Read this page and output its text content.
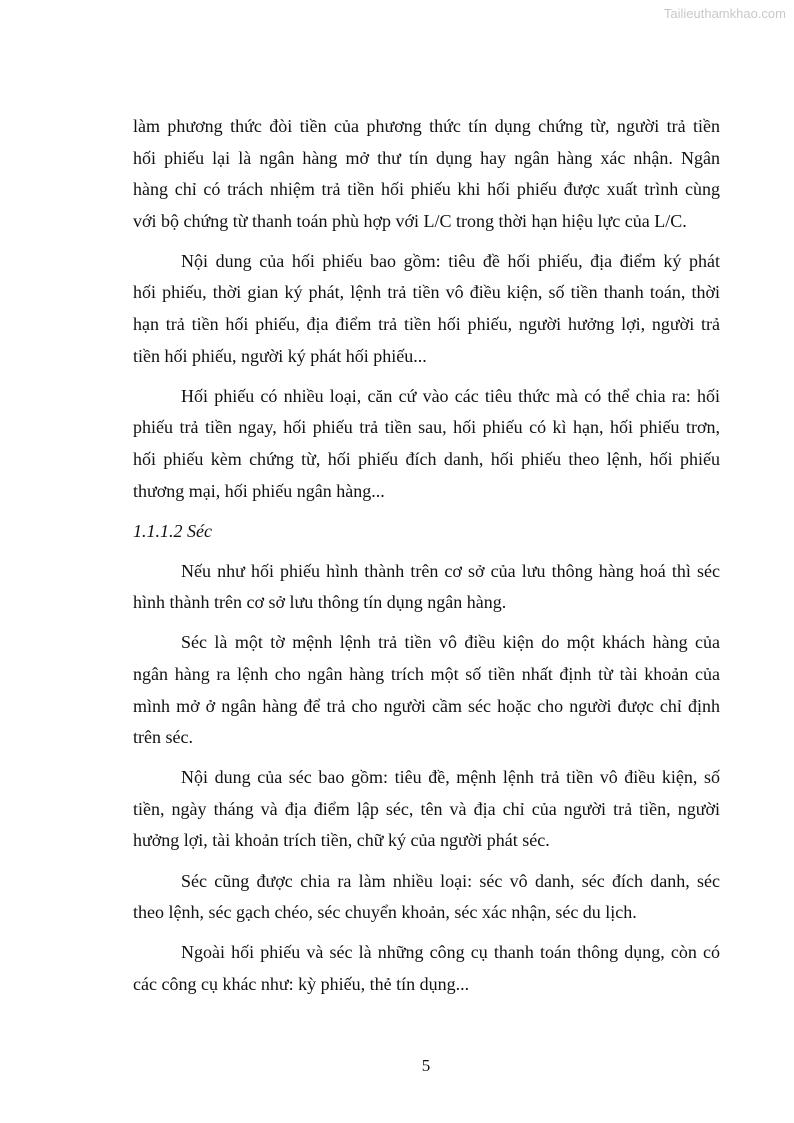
Tailieuthamkhao.com
làm phương thức đòi tiền của phương thức tín dụng chứng từ, người trả tiền
hối phiếu lại là ngân hàng mở thư tín dụng hay ngân hàng xác nhận. Ngân
hàng chỉ có trách nhiệm trả tiền hối phiếu khi hối phiếu được xuất trình cùng
với bộ chứng từ thanh toán phù hợp với L/C trong thời hạn hiệu lực của L/C.
Nội dung của hối phiếu bao gồm: tiêu đề hối phiếu, địa điểm ký phát
hối phiếu, thời gian ký phát, lệnh trả tiền vô điều kiện, số tiền thanh toán, thời
hạn trả tiền hối phiếu, địa điểm trả tiền hối phiếu, người hưởng lợi, người trả
tiền hối phiếu, người ký phát hối phiếu...
Hối phiếu có nhiều loại, căn cứ vào các tiêu thức mà có thể chia ra: hối
phiếu trả tiền ngay, hối phiếu trả tiền sau, hối phiếu có kì hạn, hối phiếu trơn,
hối phiếu kèm chứng từ, hối phiếu đích danh, hối phiếu theo lệnh, hối phiếu
thương mại, hối phiếu ngân hàng...
1.1.1.2 Séc
Nếu như hối phiếu hình thành trên cơ sở của lưu thông hàng hoá thì séc
hình thành trên cơ sở lưu thông tín dụng ngân hàng.
Séc là một tờ mệnh lệnh trả tiền vô điều kiện do một khách hàng của
ngân hàng ra lệnh cho ngân hàng trích một số tiền nhất định từ tài khoản của
mình mở ở ngân hàng để trả cho người cầm séc hoặc cho người được chỉ định
trên séc.
Nội dung của séc bao gồm: tiêu đề, mệnh lệnh trả tiền vô điều kiện, số
tiền, ngày tháng và địa điểm lập séc, tên và địa chỉ của người trả tiền, người
hưởng lợi, tài khoản trích tiền, chữ ký của người phát séc.
Séc cũng được chia ra làm nhiều loại: séc vô danh, séc đích danh, séc
theo lệnh, séc gạch chéo, séc chuyển khoản, séc xác nhận, séc du lịch.
Ngoài hối phiếu và séc là những công cụ thanh toán thông dụng, còn có
các công cụ khác như: kỳ phiếu, thẻ tín dụng...
5
